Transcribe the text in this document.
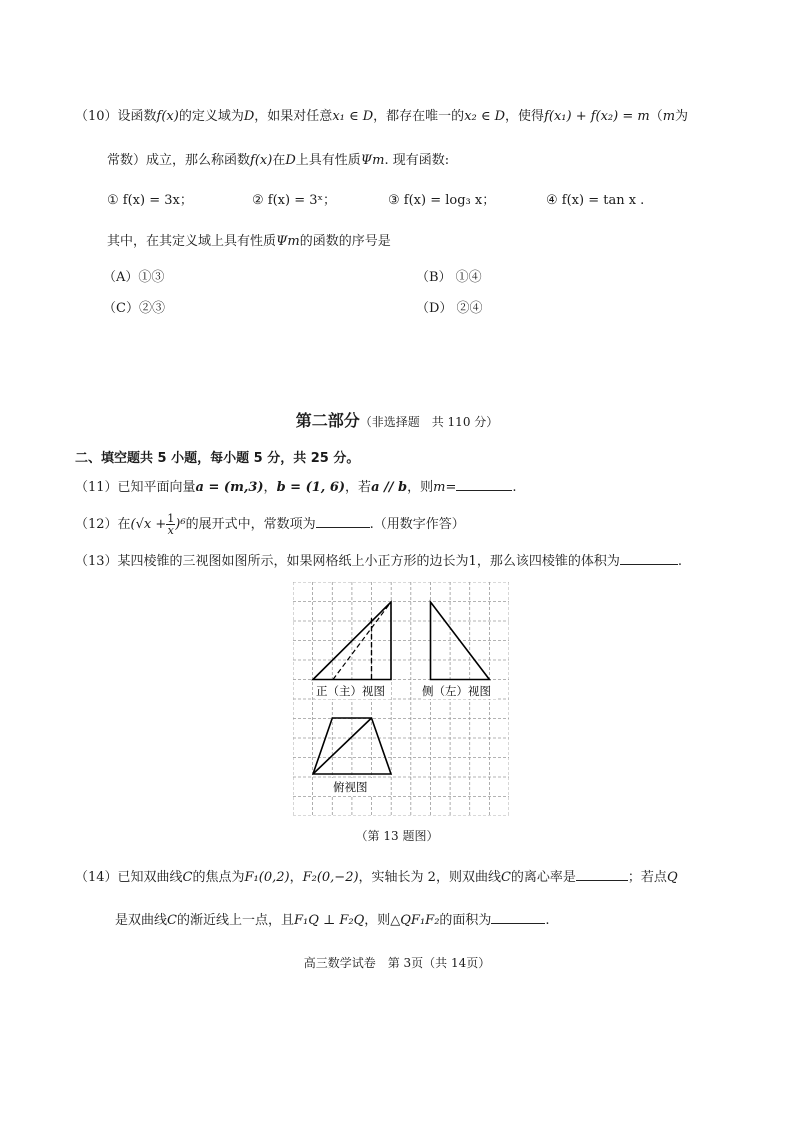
（10）设函数f(x)的定义域为D，如果对任意x₁ ∈ D，都存在唯一的x₂ ∈ D，使得f(x₁) + f(x₂) = m（m为
常数）成立，那么称函数f(x)在D上具有性质Ψm. 现有函数:
① f(x) = 3x；	② f(x) = 3ˣ；	③ f(x) = log₃ x；	④ f(x) = tan x .
其中，在其定义域上具有性质Ψm的函数的序号是
（A）①③	（B） ①④
（C）②③	（D） ②④
第二部分（非选择题　共 110 分）
二、填空题共 5 小题，每小题 5 分，共 25 分。
（11）已知平面向量a = (m,3)，b = (1, 6)，若a // b，则m=	.
（12）在$(√x + \frac{1}{x} )^6$的展开式中，常数项为	.（用数字作答）
（13）某四棱锥的三视图如图所示，如果网格纸上小正方形的边长为1，那么该四棱锥的体积为	.
正（主）视图	侧（左）视图
俯视图
（第 13 题图）
（14）已知双曲线C的焦点为F₁(0,2)，F₂(0,−2)，实轴长为 2，则双曲线C的离心率是	；若点Q
是双曲线C的渐近线上一点，且F₁Q ⊥ F₂Q，则△QF₁F₂的面积为	.
高三数学试卷　第 3页（共 14页）
